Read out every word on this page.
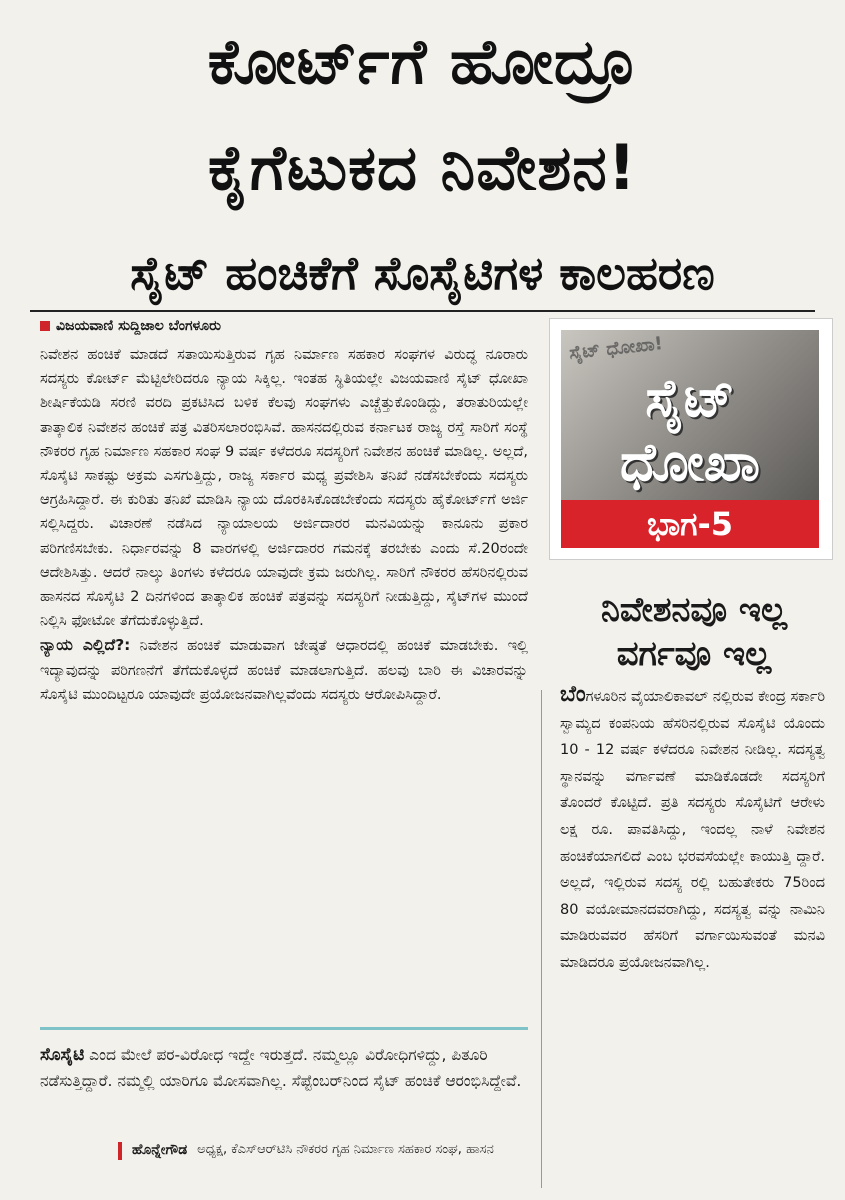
ಕೋರ್ಟ್‌ಗೆ ಹೋದ್ರೂ
ಕೈಗೆಟುಕದ ನಿವೇಶನ!
ಸೈಟ್ ಹಂಚಿಕೆಗೆ ಸೊಸೈಟಿಗಳ ಕಾಲಹರಣ
ವಿಜಯವಾಣಿ ಸುದ್ದಿಜಾಲ ಬೆಂಗಳೂರು

ನಿವೇಶನ ಹಂಚಿಕೆ ಮಾಡದೆ ಸತಾಯಿಸುತ್ತಿರುವ ಗೃಹ ನಿರ್ಮಾಣ ಸಹಕಾರ ಸಂಘಗಳ ವಿರುದ್ಧ ನೂರಾರು ಸದಸ್ಯರು ಕೋರ್ಟ್ ಮೆಟ್ಟಿಲೇರಿದರೂ ನ್ಯಾಯ ಸಿಕ್ಕಿಲ್ಲ. ಇಂತಹ ಸ್ಥಿತಿಯಲ್ಲೇ ವಿಜಯವಾಣಿ ಸೈಟ್ ಧೋಖಾ ಶೀರ್ಷಿಕೆಯಡಿ ಸರಣಿ ವರದಿ ಪ್ರಕಟಿಸಿದ ಬಳಿಕ ಕೆಲವು ಸಂಘಗಳು ಎಚ್ಚೆತ್ತುಕೊಂಡಿದ್ದು, ತರಾತುರಿಯಲ್ಲೇ ತಾತ್ಕಾಲಿಕ ನಿವೇಶನ ಹಂಚಿಕೆ ಪತ್ರ ವಿತರಿಸಲಾರಂಭಿಸಿವೆ. ಹಾಸನದಲ್ಲಿರುವ ಕರ್ನಾಟಕ ರಾಜ್ಯ ರಸ್ತೆ ಸಾರಿಗೆ ಸಂಸ್ಥೆ ನೌಕರರ ಗೃಹ ನಿರ್ಮಾಣ ಸಹಕಾರ ಸಂಘ 9 ವರ್ಷ ಕಳೆದರೂ ಸದಸ್ಯರಿಗೆ ನಿವೇಶನ ಹಂಚಿಕೆ ಮಾಡಿಲ್ಲ. ಅಲ್ಲದೆ, ಸೊಸೈಟಿ ಸಾಕಷ್ಟು ಅಕ್ರಮ ಎಸಗುತ್ತಿದ್ದು, ರಾಜ್ಯ ಸರ್ಕಾರ ಮಧ್ಯ ಪ್ರವೇಶಿಸಿ ತನಿಖೆ ನಡೆಸಬೇಕೆಂದು ಸದಸ್ಯರು ಆಗ್ರಹಿಸಿದ್ದಾರೆ. ಈ ಕುರಿತು ತನಿಖೆ ಮಾಡಿಸಿ ನ್ಯಾಯ ದೊರಕಿಸಿಕೊಡಬೇಕೆಂದು ಸದಸ್ಯರು ಹೈಕೋರ್ಟ್‌ಗೆ ಅರ್ಜಿ ಸಲ್ಲಿಸಿದ್ದರು. ವಿಚಾರಣೆ ನಡೆಸಿದ ನ್ಯಾಯಾಲಯ ಅರ್ಜಿದಾರರ ಮನವಿಯನ್ನು ಕಾನೂನು ಪ್ರಕಾರ ಪರಿಗಣಿಸಬೇಕು. ನಿರ್ಧಾರವನ್ನು 8 ವಾರಗಳಲ್ಲಿ ಅರ್ಜಿದಾರರ ಗಮನಕ್ಕೆ ತರಬೇಕು ಎಂದು ಸೆ.20ರಂದೇ ಆದೇಶಿಸಿತ್ತು. ಆದರೆ ನಾಲ್ಕು ತಿಂಗಳು ಕಳೆದರೂ ಯಾವುದೇ ಕ್ರಮ ಜರುಗಿಲ್ಲ. ಸಾರಿಗೆ ನೌಕರರ ಹೆಸರಿನಲ್ಲಿರುವ ಹಾಸನದ ಸೊಸೈಟಿ 2 ದಿನಗಳಿಂದ ತಾತ್ಕಾಲಿಕ ಹಂಚಿಕೆ ಪತ್ರವನ್ನು ಸದಸ್ಯರಿಗೆ ನೀಡುತ್ತಿದ್ದು, ಸೈಟ್‌ಗಳ ಮುಂದೆ ನಿಲ್ಲಿಸಿ ಫೋಟೋ ತೆಗೆದುಕೊಳ್ಳುತ್ತಿದೆ.

ನ್ಯಾಯ ಎಲ್ಲಿದೆ?: ನಿವೇಶನ ಹಂಚಿಕೆ ಮಾಡುವಾಗ ಜೇಷ್ಠತೆ ಆಧಾರದಲ್ಲಿ ಹಂಚಿಕೆ ಮಾಡಬೇಕು. ಇಲ್ಲಿ ಇದ್ಯಾವುದನ್ನು ಪರಿಗಣನೆಗೆ ತೆಗೆದುಕೊಳ್ಳದೆ ಹಂಚಿಕೆ ಮಾಡಲಾಗುತ್ತಿದೆ. ಹಲವು ಬಾರಿ ಈ ವಿಚಾರವನ್ನು ಸೊಸೈಟಿ ಮುಂದಿಟ್ಟರೂ ಯಾವುದೇ ಪ್ರಯೋಜನವಾಗಿಲ್ಲವೆಂದು ಸದಸ್ಯರು ಆರೋಪಿಸಿದ್ದಾರೆ.

ಸೊಸೈಟಿ ಎಂದ ಮೇಲೆ ಪರ-ವಿರೋಧ ಇದ್ದೇ ಇರುತ್ತದೆ. ನಮ್ಮಲ್ಲೂ ವಿರೋಧಿಗಳಿದ್ದು, ಪಿತೂರಿ ನಡೆಸುತ್ತಿದ್ದಾರೆ. ನಮ್ಮಲ್ಲಿ ಯಾರಿಗೂ ಮೋಸವಾಗಿಲ್ಲ. ಸೆಪ್ಟೆಂಬರ್‌ನಿಂದ ಸೈಟ್ ಹಂಚಿಕೆ ಆರಂಭಿಸಿದ್ದೇವೆ.
ಹೊನ್ನೇಗೌಡ ಅಧ್ಯಕ್ಷ, ಕೆಎಸ್ಆರ್‌ಟಿಸಿ ನೌಕರರ ಗೃಹ ನಿರ್ಮಾಣ ಸಹಕಾರ ಸಂಘ, ಹಾಸನ
ಸೈಟ್ ಧೋಖಾ!
ಸೈಟ್
ಧೋಖಾ
ಭಾಗ-5
ನಿವೇಶನವೂ ಇಲ್ಲ
ವರ್ಗವೂ ಇಲ್ಲ

ಬೆಂಗಳೂರಿನ ವೈಯಾಲಿಕಾವಲ್ ನಲ್ಲಿರುವ ಕೇಂದ್ರ ಸರ್ಕಾರಿ ಸ್ವಾಮ್ಯದ ಕಂಪನಿಯ ಹೆಸರಿನಲ್ಲಿರುವ ಸೊಸೈಟಿ ಯೊಂದು 10 - 12 ವರ್ಷ ಕಳೆದರೂ ನಿವೇಶನ ನೀಡಿಲ್ಲ. ಸದಸ್ಯತ್ವ ಸ್ಥಾನವನ್ನು ವರ್ಗಾವಣೆ ಮಾಡಿಕೊಡದೇ ಸದಸ್ಯರಿಗೆ ತೊಂದರೆ ಕೊಟ್ಟಿದೆ. ಪ್ರತಿ ಸದಸ್ಯರು ಸೊಸೈಟಿಗೆ ಆರೇಳು ಲಕ್ಷ ರೂ. ಪಾವತಿಸಿದ್ದು, ಇಂದಲ್ಲ ನಾಳೆ ನಿವೇಶನ ಹಂಚಿಕೆಯಾಗಲಿದೆ ಎಂಬ ಭರವಸೆಯಲ್ಲೇ ಕಾಯುತ್ತಿ ದ್ದಾರೆ. ಅಲ್ಲದೆ, ಇಲ್ಲಿರುವ ಸದಸ್ಯ ರಲ್ಲಿ ಬಹುತೇಕರು 75ರಿಂದ 80 ವಯೋಮಾನದವರಾಗಿದ್ದು, ಸದಸ್ಯತ್ವ ವನ್ನು ನಾಮಿನಿ ಮಾಡಿರುವವರ ಹೆಸರಿಗೆ ವರ್ಗಾಯಿಸುವಂತೆ ಮನವಿ ಮಾಡಿದರೂ ಪ್ರಯೋಜನವಾಗಿಲ್ಲ.
